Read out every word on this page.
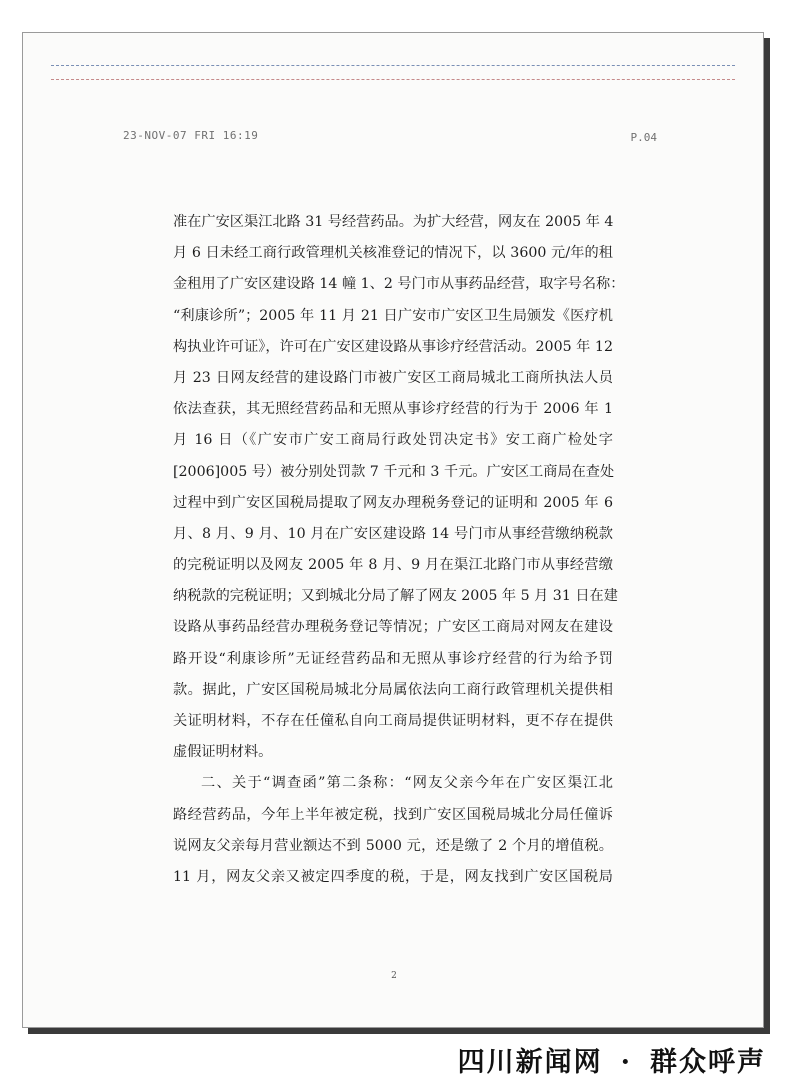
23-NOV-07 FRI 16:19	P.04
准在广安区渠江北路 31 号经营药品。为扩大经营，网友在 2005 年 4
月 6 日未经工商行政管理机关核准登记的情况下，以 3600 元/年的租
金租用了广安区建设路 14 幢 1、2 号门市从事药品经营，取字号名称：
“利康诊所”；2005 年 11 月 21 日广安市广安区卫生局颁发《医疗机
构执业许可证》，许可在广安区建设路从事诊疗经营活动。2005 年 12
月 23 日网友经营的建设路门市被广安区工商局城北工商所执法人员
依法查获，其无照经营药品和无照从事诊疗经营的行为于 2006 年 1
月 16 日（《广安市广安工商局行政处罚决定书》安工商广检处字
[2006]005 号）被分别处罚款 7 千元和 3 千元。广安区工商局在查处
过程中到广安区国税局提取了网友办理税务登记的证明和 2005 年 6
月、8 月、9 月、10 月在广安区建设路 14 号门市从事经营缴纳税款
的完税证明以及网友 2005 年 8 月、9 月在渠江北路门市从事经营缴
纳税款的完税证明；又到城北分局了解了网友 2005 年 5 月 31 日在建
设路从事药品经营办理税务登记等情况；广安区工商局对网友在建设
路开设“利康诊所”无证经营药品和无照从事诊疗经营的行为给予罚
款。据此，广安区国税局城北分局属依法向工商行政管理机关提供相
关证明材料，不存在任僮私自向工商局提供证明材料，更不存在提供
虚假证明材料。
二、关于“调查函”第二条称：“网友父亲今年在广安区渠江北
路经营药品，今年上半年被定税，找到广安区国税局城北分局任僮诉
说网友父亲每月营业额达不到 5000 元，还是缴了 2 个月的增值税。
11 月，网友父亲又被定四季度的税，于是，网友找到广安区国税局
2
四川新闻网 · 群众呼声
